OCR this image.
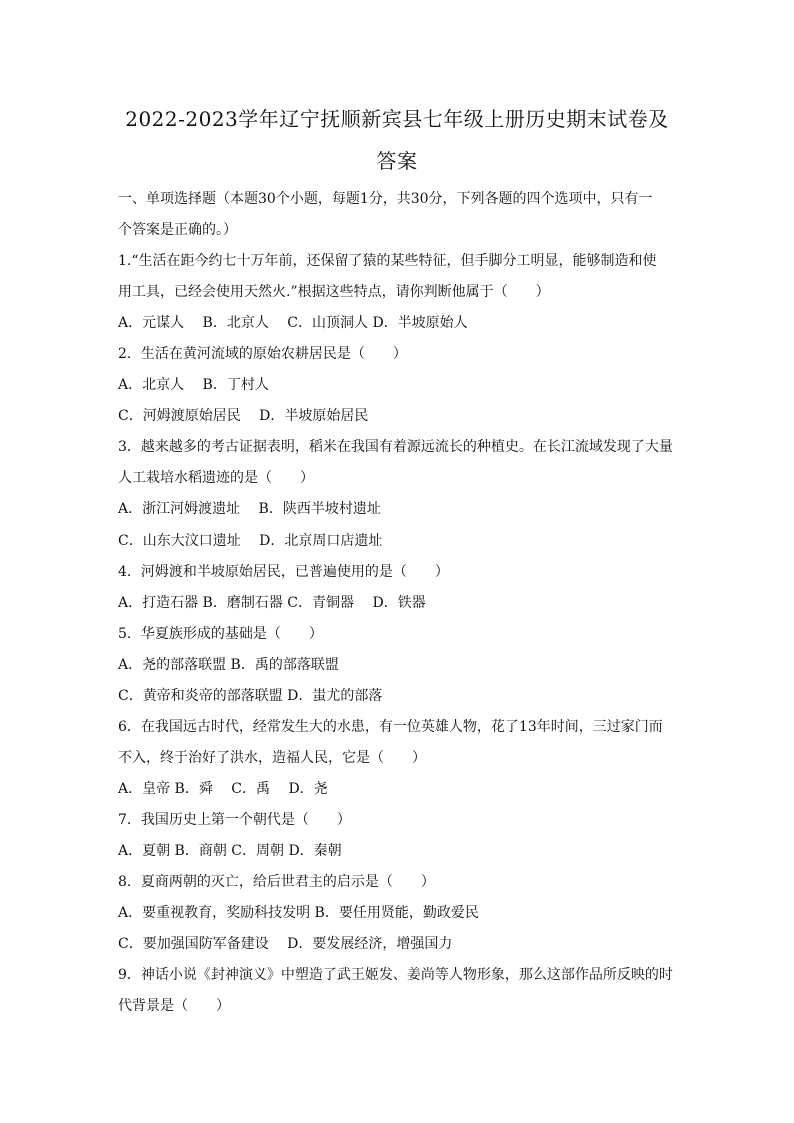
2022-2023学年辽宁抚顺新宾县七年级上册历史期末试卷及
答案
一、单项选择题（本题30个小题，每题1分，共30分，下列各题的四个选项中，只有一
个答案是正确的。）
1.“生活在距今约七十万年前，还保留了猿的某些特征，但手脚分工明显，能够制造和使
用工具，已经会使用天然火.”根据这些特点，请你判断他属于（　　）
A．元谋人　 B．北京人　 C．山顶洞人 D．半坡原始人
2．生活在黄河流域的原始农耕居民是（　　）
A．北京人　 B．丁村人
C．河姆渡原始居民　 D．半坡原始居民
3．越来越多的考古证据表明，稻米在我国有着源远流长的种植史。在长江流域发现了大量
人工栽培水稻遗迹的是（　　）
A．浙江河姆渡遗址　 B．陕西半坡村遗址
C．山东大汶口遗址　 D．北京周口店遗址
4．河姆渡和半坡原始居民，已普遍使用的是（　　）
A．打造石器 B．磨制石器 C．青铜器　 D．铁器
5．华夏族形成的基础是（　　）
A．尧的部落联盟 B．禹的部落联盟
C．黄帝和炎帝的部落联盟 D．蚩尤的部落
6．在我国远古时代，经常发生大的水患，有一位英雄人物，花了13年时间，三过家门而
不入，终于治好了洪水，造福人民，它是（　　）
A．皇帝 B．舜　 C．禹　 D．尧
7．我国历史上第一个朝代是（　　）
A．夏朝 B．商朝 C．周朝 D．秦朝
8．夏商两朝的灭亡，给后世君主的启示是（　　）
A．要重视教育，奖励科技发明 B．要任用贤能，勤政爱民
C．要加强国防军备建设　 D．要发展经济，增强国力
9．神话小说《封神演义》中塑造了武王姬发、姜尚等人物形象，那么这部作品所反映的时
代背景是（　　）
